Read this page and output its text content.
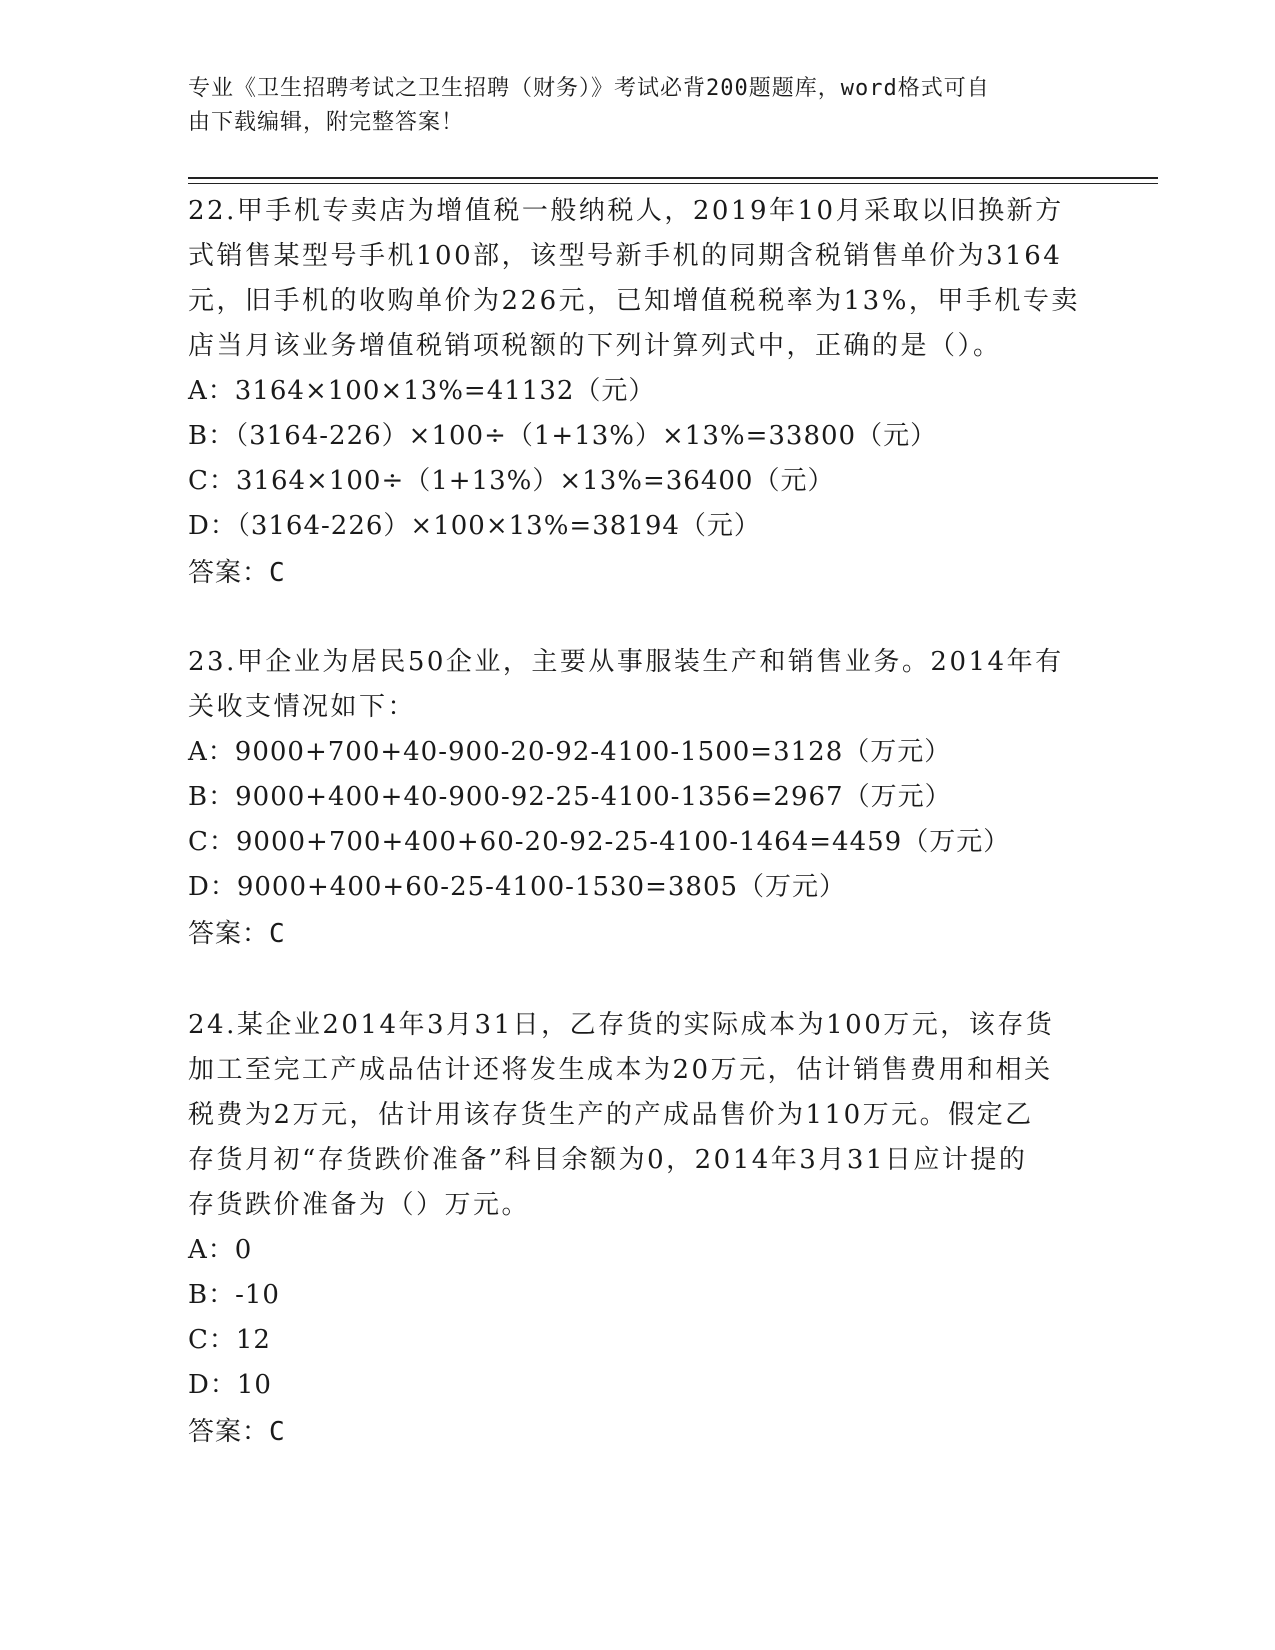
专业《卫生招聘考试之卫生招聘（财务）》考试必背200题题库，word格式可自
由下载编辑，附完整答案！

22.甲手机专卖店为增值税一般纳税人，2019年10月采取以旧换新方

式销售某型号手机100部，该型号新手机的同期含税销售单价为3164

元，旧手机的收购单价为226元，已知增值税税率为13%，甲手机专卖

店当月该业务增值税销项税额的下列计算列式中，正确的是（）。

A：3164×100×13%=41132（元）

B：（3164-226）×100÷（1+13%）×13%=33800（元）

C：3164×100÷（1+13%）×13%=36400（元）

D：（3164-226）×100×13%=38194（元）

答案：C

23.甲企业为居民50企业，主要从事服装生产和销售业务。2014年有

关收支情况如下：

A：9000+700+40-900-20-92-4100-1500=3128（万元）

B：9000+400+40-900-92-25-4100-1356=2967（万元）

C：9000+700+400+60-20-92-25-4100-1464=4459（万元）

D：9000+400+60-25-4100-1530=3805（万元）

答案：C

24.某企业2014年3月31日，乙存货的实际成本为100万元，该存货

加工至完工产成品估计还将发生成本为20万元，估计销售费用和相关

税费为2万元，估计用该存货生产的产成品售价为110万元。假定乙

存货月初“存货跌价准备”科目余额为0，2014年3月31日应计提的

存货跌价准备为（）万元。

A：0

B：-10

C：12

D：10

答案：C
